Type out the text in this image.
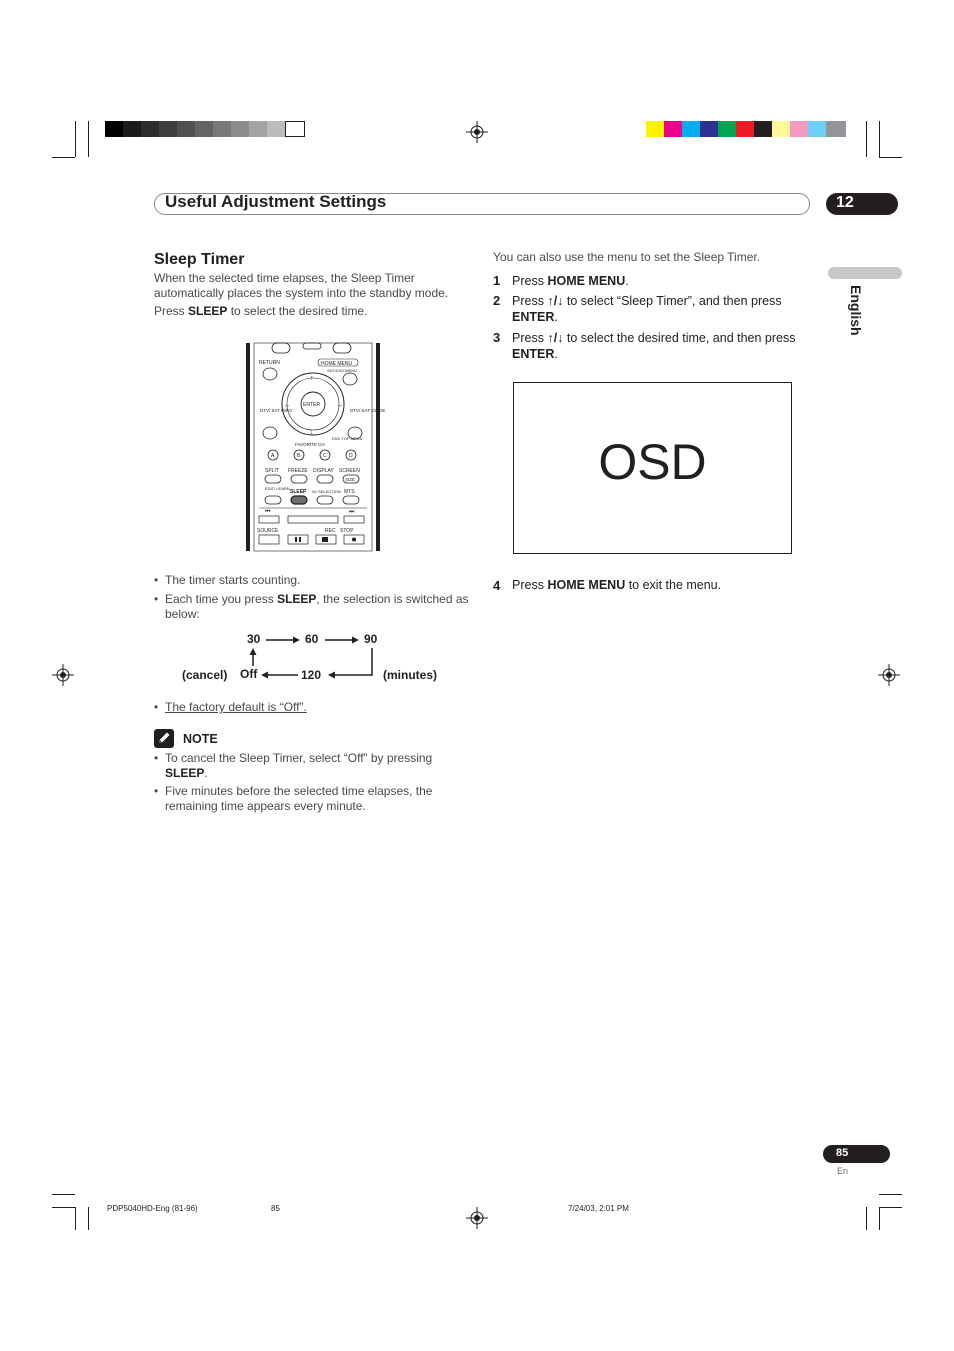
Useful Adjustment Settings	12
English
Sleep Timer
When the selected time elapses, the Sleep Timer automatically places the system into the standby mode.
Press SLEEP to select the desired time.
RETURN	HOME MENU
SAT/DVD MENU
ENTER
↑
↓
←	→
DTV/ SAT INFO	DTV/ SAT GUIDE
FAVORITE CH
DVD TOP MENU
A	B	C	D
SPLIT FREEZE DISPLAY SCREEN
SIZE
EDIT/ LEARN
SLEEP AV SELECTION MTS
⏮	⏭
SOURCE	REC STOP
• The timer starts counting.
• Each time you press SLEEP, the selection is switched as below:
30	60	90
Off	120
(cancel)	(minutes)
• The factory default is “Off”.
NOTE
• To cancel the Sleep Timer, select “Off” by pressing
SLEEP.
• Five minutes before the selected time elapses, the remaining time appears every minute.
You can also use the menu to set the Sleep Timer.
1 Press HOME MENU.
2 Press ↑/↓ to select “Sleep Timer”, and then press
ENTER.
3 Press ↑/↓ to select the desired time, and then press ENTER.
OSD
4 Press HOME MENU to exit the menu.
85
En
PDP5040HD-Eng (81-96)	85	7/24/03, 2:01 PM
